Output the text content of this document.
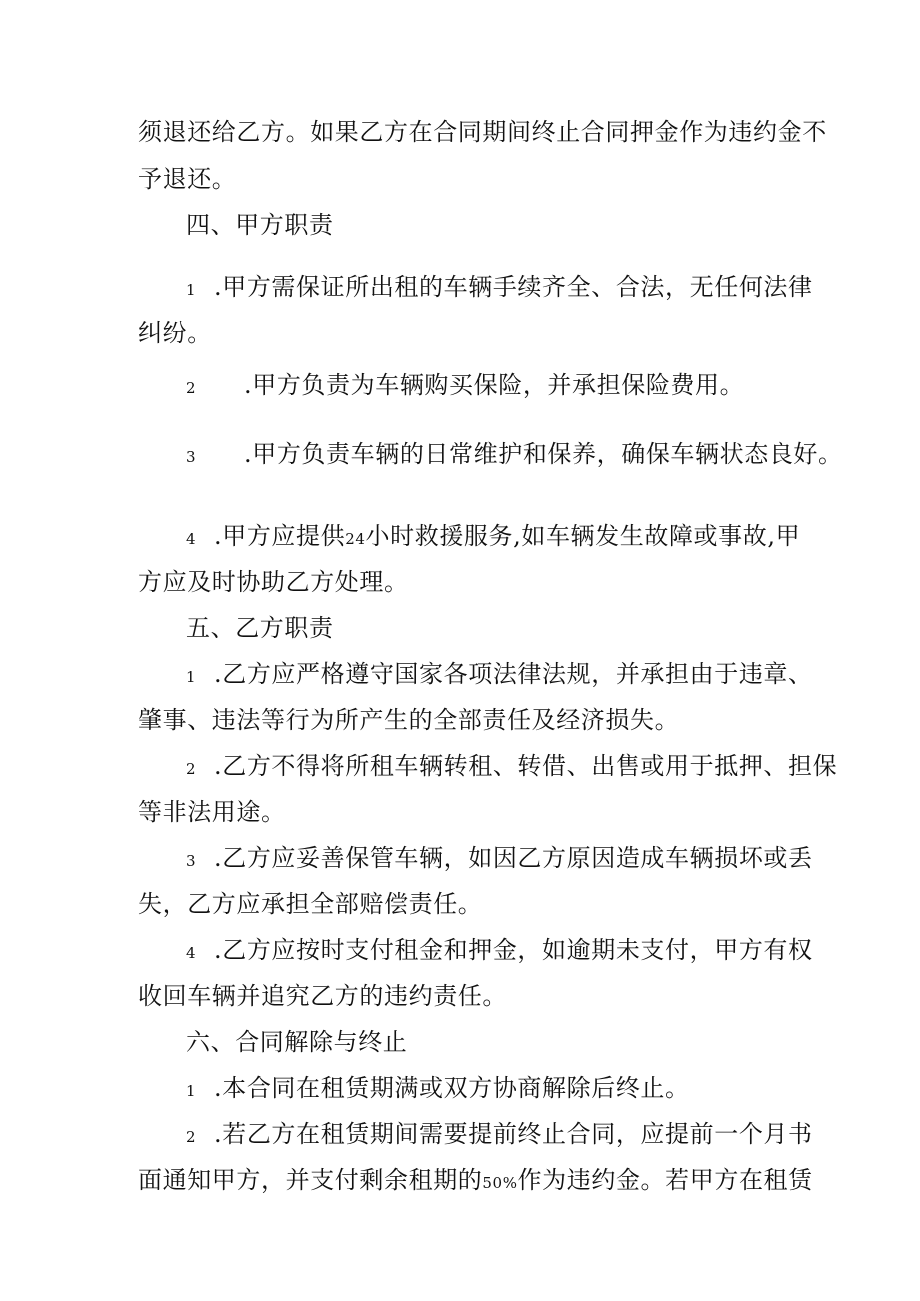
须退还给乙方。如果乙方在合同期间终止合同押金作为违约金不
予退还。
四、甲方职责
1 .甲方需保证所出租的车辆手续齐全、合法，无任何法律
纠纷。
2 .甲方负责为车辆购买保险，并承担保险费用。
3 .甲方负责车辆的日常维护和保养，确保车辆状态良好。
4 .甲方应提供24小时救援服务,如车辆发生故障或事故,甲
方应及时协助乙方处理。
五、乙方职责
1 .乙方应严格遵守国家各项法律法规，并承担由于违章、
肇事、违法等行为所产生的全部责任及经济损失。
2 .乙方不得将所租车辆转租、转借、出售或用于抵押、担保
等非法用途。
3 .乙方应妥善保管车辆，如因乙方原因造成车辆损坏或丢
失，乙方应承担全部赔偿责任。
4 .乙方应按时支付租金和押金，如逾期未支付，甲方有权
收回车辆并追究乙方的违约责任。
六、合同解除与终止
1 .本合同在租赁期满或双方协商解除后终止。
2 .若乙方在租赁期间需要提前终止合同，应提前一个月书
面通知甲方，并支付剩余租期的50%作为违约金。若甲方在租赁
